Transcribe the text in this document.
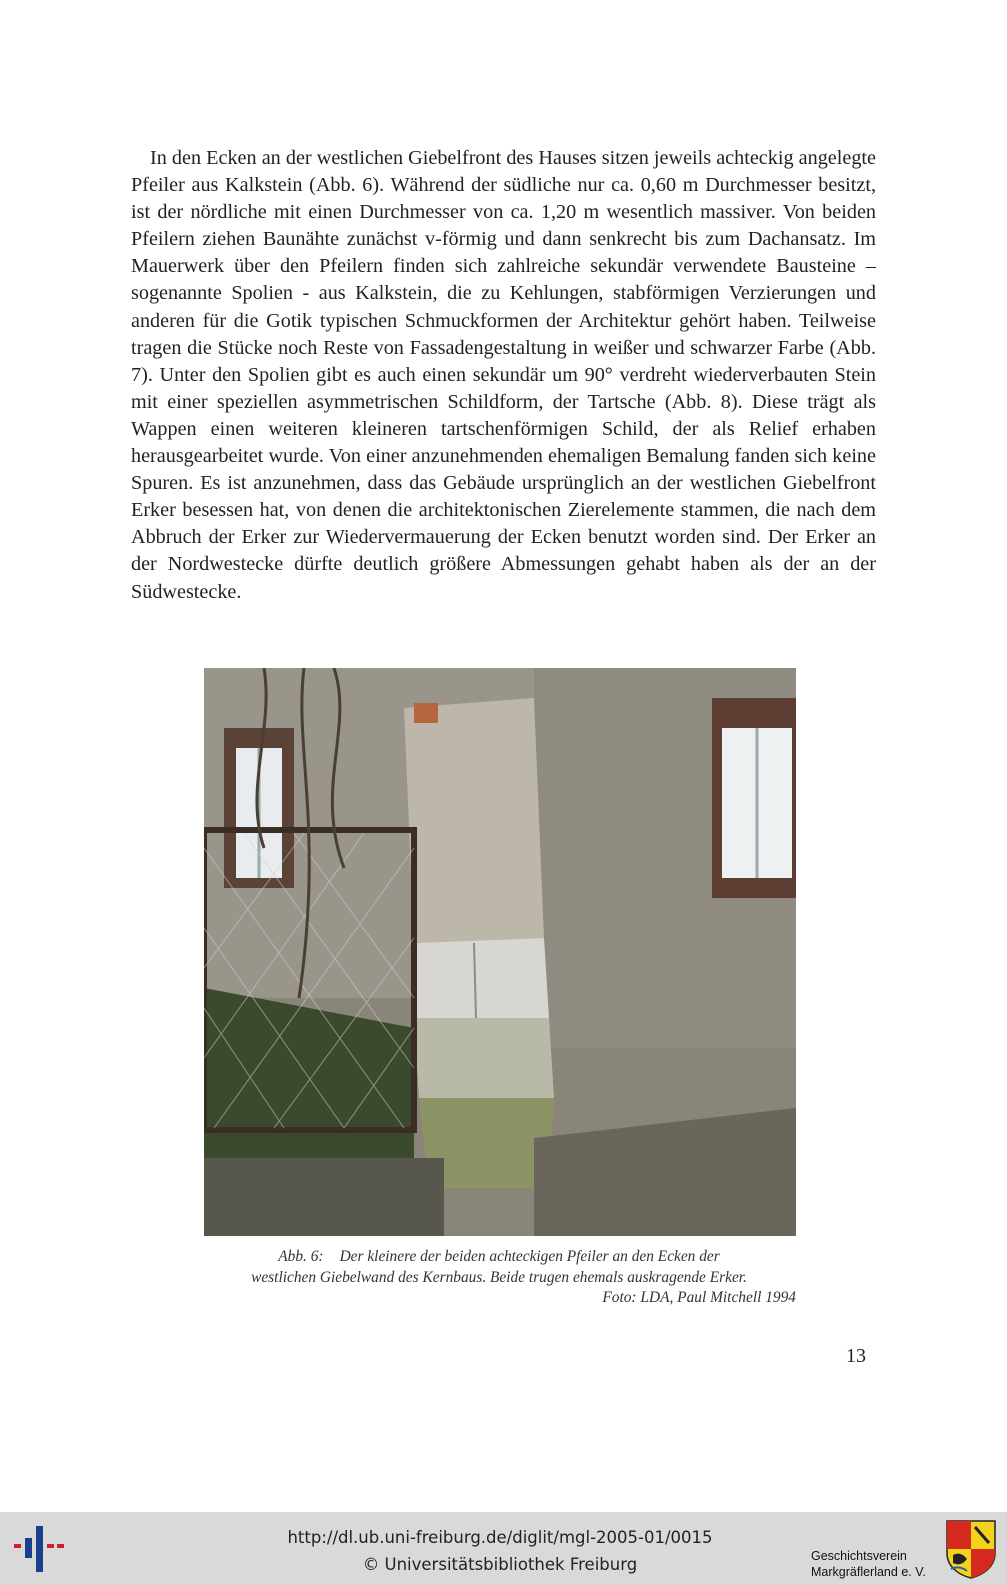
In den Ecken an der westlichen Giebelfront des Hauses sitzen jeweils achteckig angelegte Pfeiler aus Kalkstein (Abb. 6). Während der südliche nur ca. 0,60 m Durchmesser besitzt, ist der nördliche mit einen Durchmesser von ca. 1,20 m wesentlich massiver. Von beiden Pfeilern ziehen Baunähte zunächst v-förmig und dann senkrecht bis zum Dachansatz. Im Mauerwerk über den Pfeilern finden sich zahlreiche sekundär verwendete Bausteine – sogenannte Spolien - aus Kalkstein, die zu Kehlungen, stabförmigen Verzierungen und anderen für die Gotik typischen Schmuckformen der Architektur gehört haben. Teilweise tragen die Stücke noch Reste von Fassadengestaltung in weißer und schwarzer Farbe (Abb. 7). Unter den Spolien gibt es auch einen sekundär um 90° verdreht wiederverbauten Stein mit einer speziellen asymmetrischen Schildform, der Tartsche (Abb. 8). Diese trägt als Wappen einen weiteren kleineren tartschenförmigen Schild, der als Relief erhaben herausgearbeitet wurde. Von einer anzunehmenden ehemaligen Bemalung fanden sich keine Spuren. Es ist anzunehmen, dass das Gebäude ursprünglich an der westlichen Giebelfront Erker besessen hat, von denen die architektonischen Zierelemente stammen, die nach dem Abbruch der Erker zur Wiedervermauerung der Ecken benutzt worden sind. Der Erker an der Nordwestecke dürfte deutlich größere Abmessungen gehabt haben als der an der Südwestecke.

Abb. 6: Der kleinere der beiden achteckigen Pfeiler an den Ecken der
westlichen Giebelwand des Kernbaus. Beide trugen ehemals auskragende Erker.
Foto: LDA, Paul Mitchell 1994
13
http://dl.ub.uni-freiburg.de/diglit/mgl-2005-01/0015
© Universitätsbibliothek Freiburg	Geschichtsverein
Markgräflerland e. V.
